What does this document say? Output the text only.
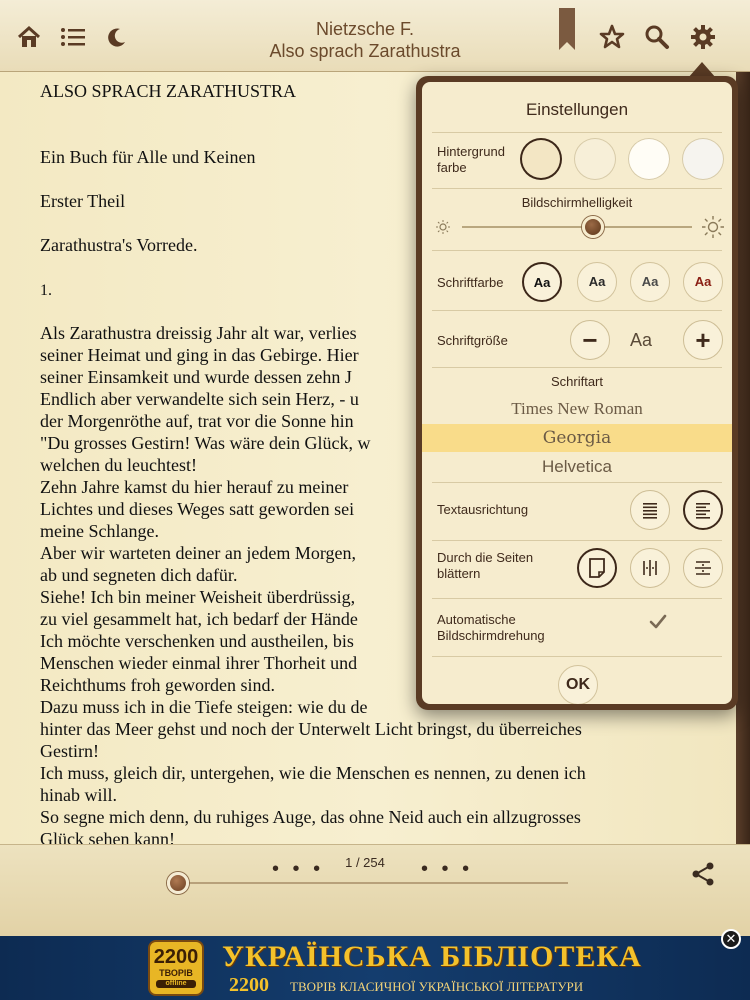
Nietzsche F.
Also sprach Zarathustra
ALSO SPRACH ZARATHUSTRA
Ein Buch für Alle und Keinen
Erster Theil
Zarathustra's Vorrede.
1.
Als Zarathustra dreissig Jahr alt war, verlies
seiner Heimat und ging in das Gebirge. Hier
seiner Einsamkeit und wurde dessen zehn J
Endlich aber verwandelte sich sein Herz, - u
der Morgenröthe auf, trat vor die Sonne hin
"Du grosses Gestirn! Was wäre dein Glück, w
welchen du leuchtest!
Zehn Jahre kamst du hier herauf zu meiner
Lichtes und dieses Weges satt geworden sei
meine Schlange.
Aber wir warteten deiner an jedem Morgen,
ab und segneten dich dafür.
Siehe! Ich bin meiner Weisheit überdrüssig,
zu viel gesammelt hat, ich bedarf der Hände
Ich möchte verschenken und austheilen, bis
Menschen wieder einmal ihrer Thorheit und
Reichthums froh geworden sind.
Dazu muss ich in die Tiefe steigen: wie du de
hinter das Meer gehst und noch der Unterwelt Licht bringst, du überreiches
Gestirn!
Ich muss, gleich dir, untergehen, wie die Menschen es nennen, zu denen ich
hinab will.
So segne mich denn, du ruhiges Auge, das ohne Neid auch ein allzugrosses
Glück sehen kann!
• • •	1 / 254	• • •
2200
ТВОРІВ
offline
УКРАЇНСЬКА БІБЛІОТЕКА
2200 ТВОРІВ КЛАСИЧНОЇ УКРАЇНСЬКОЇ ЛІТЕРАТУРИ
✕
Einstellungen
Hintergrund
farbe
Bildschirmhelligkeit
Schriftfarbe	Aa	Aa	Aa	Aa
Schriftgröße	−	Aa	+
Schriftart
Times New Roman
Georgia
Helvetica
Textausrichtung
Durch die Seiten
blättern
Automatische
Bildschirmdrehung
OK
